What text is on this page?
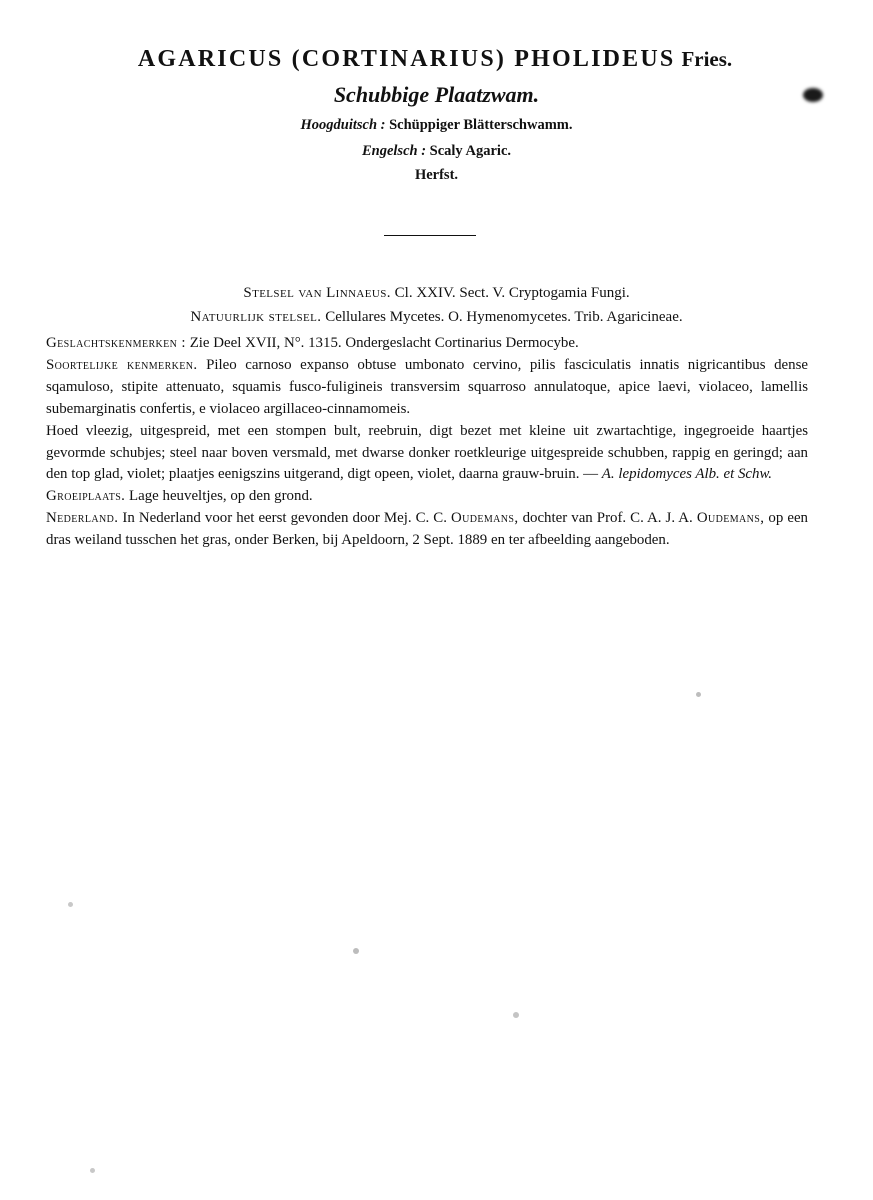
AGARICUS (CORTINARIUS) PHOLIDEUS Fries.
Schubbige Plaatzwam.
Hoogduitsch : Schüppiger Blätterschwamm.
Engelsch : Scaly Agaric.
Herfst.
Stelsel van Linnaeus. Cl. XXIV. Sect. V. Cryptogamia Fungi.
Natuurlijk stelsel. Cellulares Mycetes. O. Hymenomycetes. Trib. Agaricineae.
Geslachtskenmerken : Zie Deel XVII, N°. 1315. Ondergeslacht Cortinarius Dermocybe.
Soortelijke kenmerken. Pileo carnoso expanso obtuse umbonato cervino, pilis fasciculatis innatis nigricantibus dense sqamuloso, stipite attenuato, squamis fusco-fuligineis transversim squarroso annulatoque, apice laevi, violaceo, lamellis subemarginatis confertis, e violaceo argillaceo-cinnamomeis.
Hoed vleezig, uitgespreid, met een stompen bult, reebruin, digt bezet met kleine uit zwartachtige, ingegroeide haartjes gevormde schubjes; steel naar boven versmald, met dwarse donker roetkleurige uitgespreide schubben, rappig en geringd; aan den top glad, violet; plaatjes eenigszins uitgerand, digt opeen, violet, daarna grauw-bruin. — A. lepidomyces Alb. et Schw.
Groeiplaats. Lage heuveltjes, op den grond.
Nederland. In Nederland voor het eerst gevonden door Mej. C. C. Oudemans, dochter van Prof. C. A. J. A. Oudemans, op een dras weiland tusschen het gras, onder Berken, bij Apeldoorn, 2 Sept. 1889 en ter afbeelding aangeboden.
